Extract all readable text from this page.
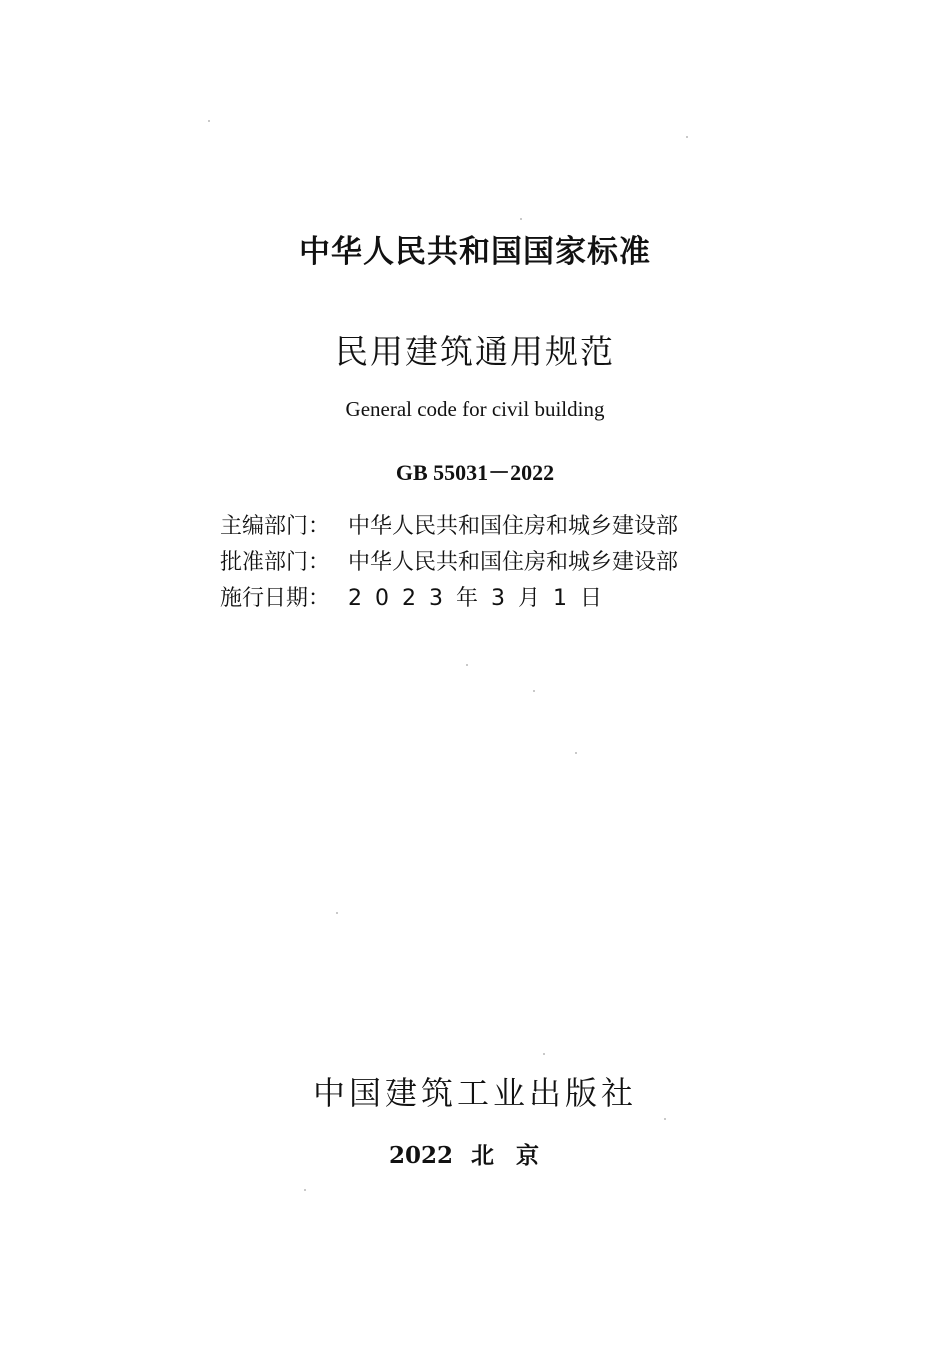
中华人民共和国国家标准
民用建筑通用规范
General code for civil building
GB 55031－2022
主编部门： 中华人民共和国住房和城乡建设部
批准部门： 中华人民共和国住房和城乡建设部
施行日期： 2023年3月1日
中国建筑工业出版社
2022 北京
